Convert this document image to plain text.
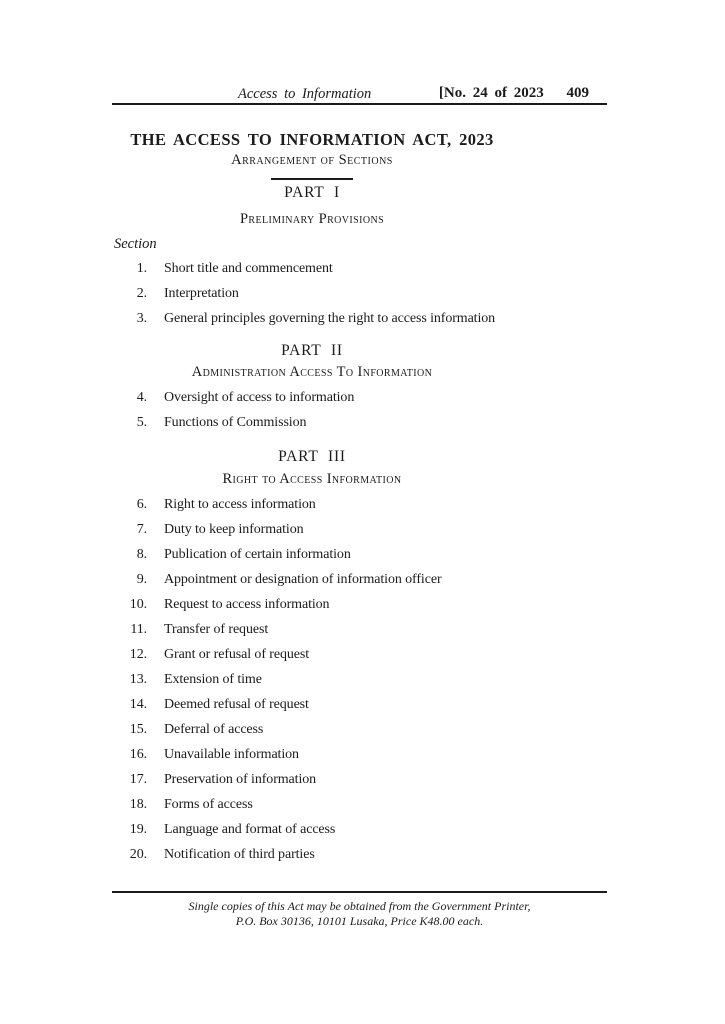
Access to Information	[No. 24 of 2023 409
THE ACCESS TO INFORMATION ACT, 2023
Arrangement of Sections
PART I
Preliminary Provisions
Section
1. Short title and commencement
2. Interpretation
3. General principles governing the right to access information
PART II
Administration Access To Information
4. Oversight of access to information
5. Functions of Commission
PART III
Right to Access Information
6. Right to access information
7. Duty to keep information
8. Publication of certain information
9. Appointment or designation of information officer
10. Request to access information
11. Transfer of request
12. Grant or refusal of request
13. Extension of time
14. Deemed refusal of request
15. Deferral of access
16. Unavailable information
17. Preservation of information
18. Forms of access
19. Language and format of access
20. Notification of third parties
Single copies of this Act may be obtained from the Government Printer,
P.O. Box 30136, 10101 Lusaka, Price K48.00 each.
